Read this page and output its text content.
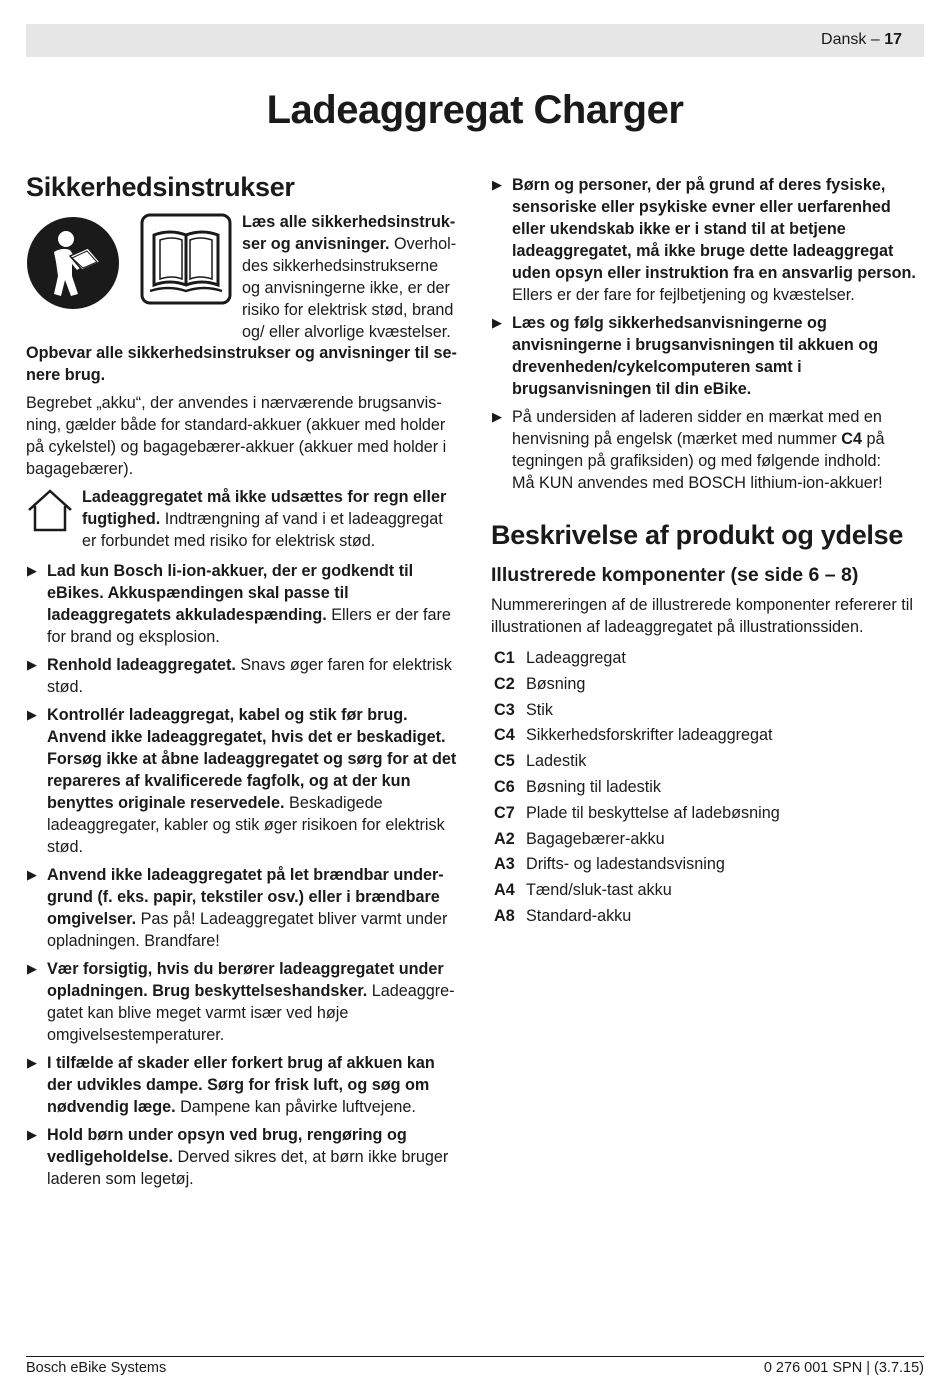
Dansk – 17
Ladeaggregat Charger
Sikkerhedsinstrukser

Læs alle sikkerhedsinstrukser og anvisninger. Overholdes sikkerhedsinstrukserne og anvisningerne ikke, er der risiko for elektrisk stød, brand og/ eller alvorlige kvæstelser.

Opbevar alle sikkerhedsinstrukser og anvisninger til senere brug.

Begrebet „akku“, der anvendes i nærværende brugsanvisning, gælder både for standard-akkuer (akkuer med holder på cykelstel) og bagagebærer-akkuer (akkuer med holder i bagagebærer).

Ladeaggregatet må ikke udsættes for regn eller fugtighed. Indtrængning af vand i et ladeaggregat er forbundet med risiko for elektrisk stød.
▶ Lad kun Bosch li-ion-akkuer, der er godkendt til eBikes. Akkuspændingen skal passe til ladeaggregatets akkuladespænding. Ellers er der fare for brand og eksplosion.
▶ Renhold ladeaggregatet. Snavs øger faren for elektrisk stød.
▶ Kontrollér ladeaggregat, kabel og stik før brug. Anvend ikke ladeaggregatet, hvis det er beskadiget. Forsøg ikke at åbne ladeaggregatet og sørg for at det repareres af kvalificerede fagfolk, og at der kun benyttes originale reservedele. Beskadigede ladeaggregater, kabler og stik øger risikoen for elektrisk stød.
▶ Anvend ikke ladeaggregatet på let brændbar undergrund (f. eks. papir, tekstiler osv.) eller i brændbare omgivelser. Pas på! Ladeaggregatet bliver varmt under opladningen. Brandfare!
▶ Vær forsigtig, hvis du berører ladeaggregatet under opladningen. Brug beskyttelseshandsker. Ladeaggregatet kan blive meget varmt især ved høje omgivelsestemperaturer.
▶ I tilfælde af skader eller forkert brug af akkuen kan der udvikles dampe. Sørg for frisk luft, og søg om nødvendig læge. Dampene kan påvirke luftvejene.
▶ Hold børn under opsyn ved brug, rengøring og vedligeholdelse. Derved sikres det, at børn ikke bruger laderen som legetøj.
▶ Børn og personer, der på grund af deres fysiske, sensoriske eller psykiske evner eller uerfarenhed eller ukendskab ikke er i stand til at betjene ladeaggregatet, må ikke bruge dette ladeaggregat uden opsyn eller instruktion fra en ansvarlig person. Ellers er der fare for fejlbetjening og kvæstelser.
▶ Læs og følg sikkerhedsanvisningerne og anvisningerne i brugsanvisningen til akkuen og drevenheden/cykelcomputeren samt i brugsanvisningen til din eBike.
▶ På undersiden af laderen sidder en mærkat med en henvisning på engelsk (mærket med nummer C4 på tegningen på grafiksiden) og med følgende indhold:
Må KUN anvendes med BOSCH lithium-ion-akkuer!
Beskrivelse af produkt og ydelse
Illustrerede komponenter (se side 6 – 8)

Nummereringen af de illustrerede komponenter refererer til illustrationen af ladeaggregatet på illustrationssiden.

C1 Ladeaggregat
C2 Bøsning
C3 Stik
C4 Sikkerhedsforskrifter ladeaggregat
C5 Ladestik
C6 Bøsning til ladestik
C7 Plade til beskyttelse af ladebøsning
A2 Bagagebærer-akku
A3 Drifts- og ladestandsvisning
A4 Tænd/sluk-tast akku
A8 Standard-akku
Bosch eBike Systems	0 276 001 SPN | (3.7.15)
